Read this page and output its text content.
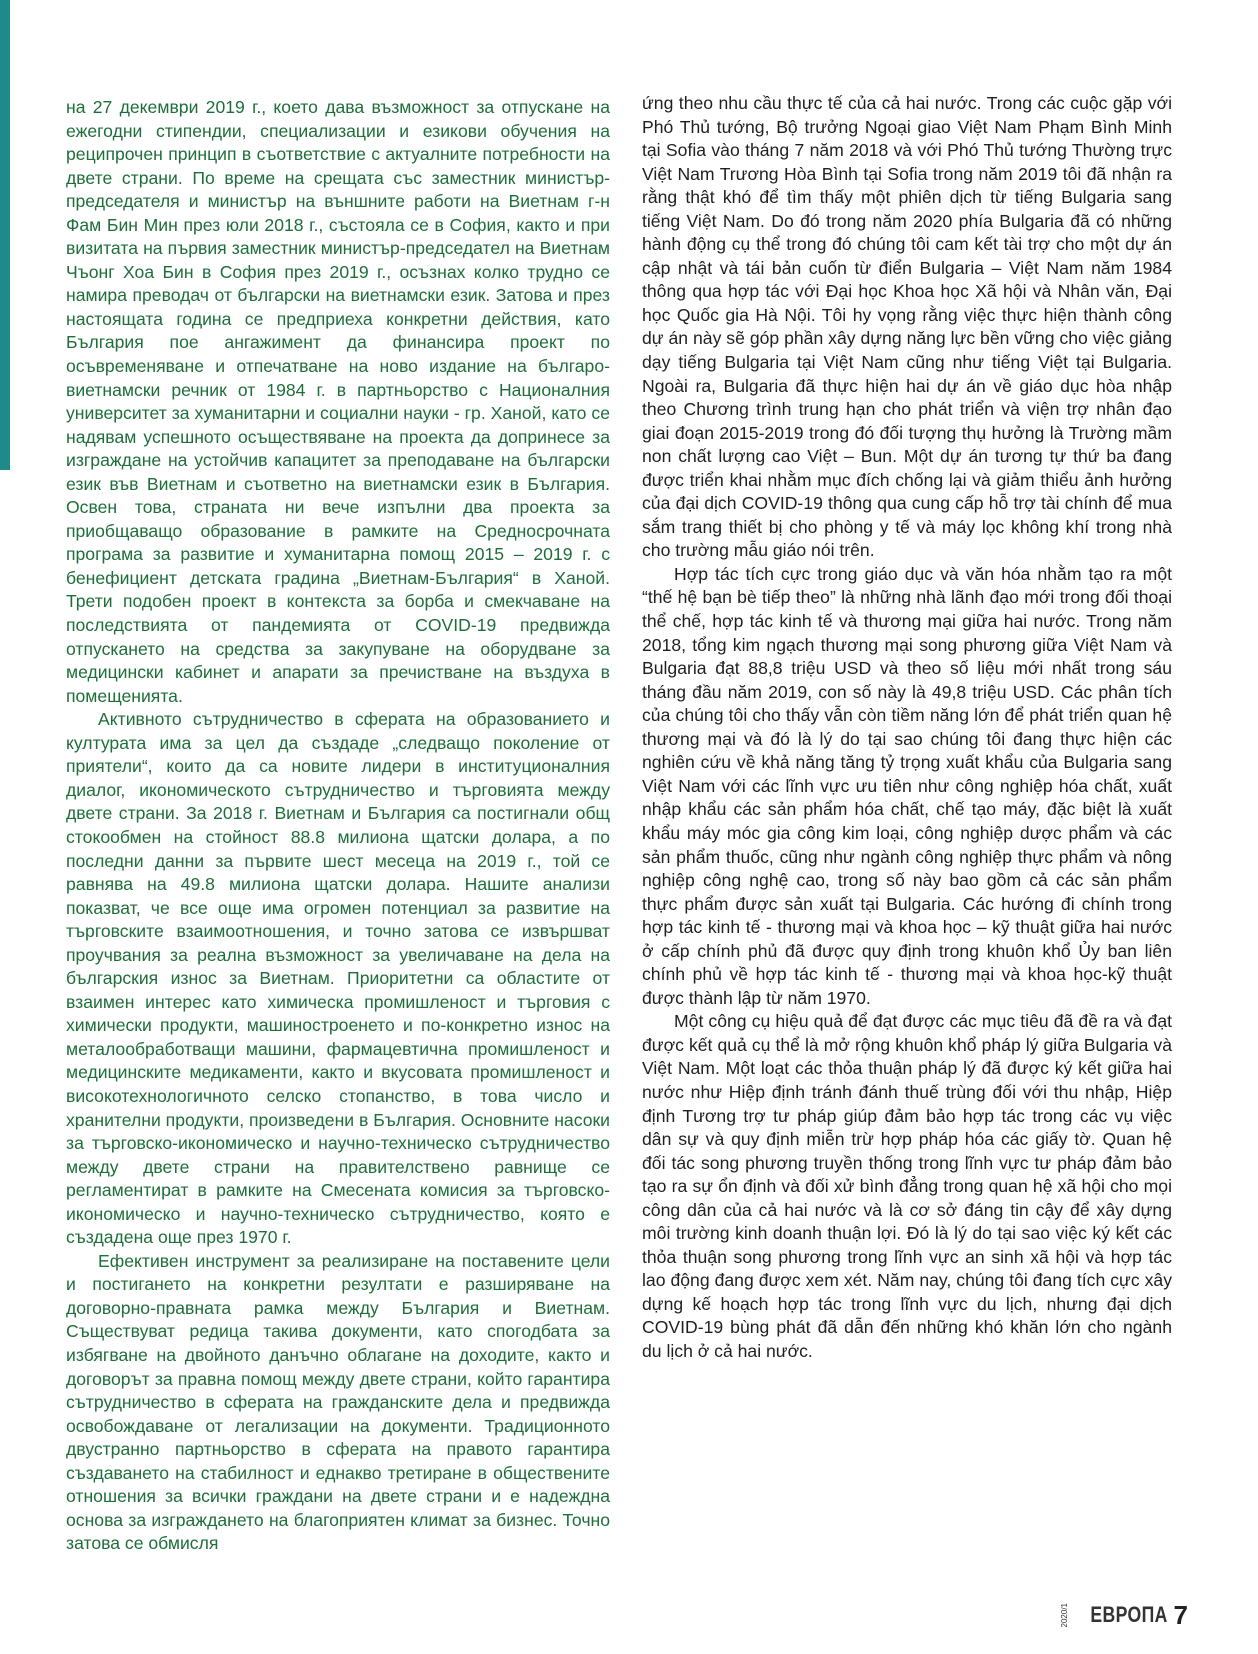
на 27 декември 2019 г., което дава възможност за отпускане на ежегодни стипендии, специализации и езикови обучения на реципрочен принцип в съответствие с актуалните потребности на двете страни. По време на срещата със заместник министър-председателя и министър на външните работи на Виетнам г-н Фам Бин Мин през юли 2018 г., състояла се в София, както и при визитата на първия заместник министър-председател на Виетнам Чъонг Хоа Бин в София през 2019 г., осъзнах колко трудно се намира преводач от български на виетнамски език. Затова и през настоящата година се предприеха конкретни действия, като България пое ангажимент да финансира проект по осъвременяване и отпечатване на ново издание на българо-виетнамски речник от 1984 г. в партньорство с Националния университет за хуманитарни и социални науки - гр. Ханой, като се надявам успешното осъществяване на проекта да допринесе за изграждане на устойчив капацитет за преподаване на български език във Виетнам и съответно на виетнамски език в България. Освен това, страната ни вече изпълни два проекта за приобщаващо образование в рамките на Средносрочната програма за развитие и хуманитарна помощ 2015 – 2019 г. с бенефициент детската градина „Виетнам-България“ в Ханой. Трети подобен проект в контекста за борба и смекчаване на последствията от пандемията от COVID-19 предвижда отпускането на средства за закупуване на оборудване за медицински кабинет и апарати за пречистване на въздуха в помещенията.

Активното сътрудничество в сферата на образованието и културата има за цел да създаде „следващо поколение от приятели“, които да са новите лидери в институционалния диалог, икономическото сътрудничество и търговията между двете страни. За 2018 г. Виетнам и България са постигнали общ стокообмен на стойност 88.8 милиона щатски долара, а по последни данни за първите шест месеца на 2019 г., той се равнява на 49.8 милиона щатски долара. Нашите анализи показват, че все още има огромен потенциал за развитие на търговските взаимоотношения, и точно затова се извършват проучвания за реална възможност за увеличаване на дела на българския износ за Виетнам. Приоритетни са областите от взаимен интерес като химическа промишленост и търговия с химически продукти, машиностроенето и по-конкретно износ на металообработващи машини, фармацевтична промишленост и медицинските медикаменти, както и вкусовата промишленост и високотехнологичното селско стопанство, в това число и хранителни продукти, произведени в България. Основните насоки за търговско-икономическо и научно-техническо сътрудничество между двете страни на правителствено равнище се регламентират в рамките на Смесената комисия за търговско-икономическо и научно-техническо сътрудничество, която е създадена още през 1970 г.

Ефективен инструмент за реализиране на поставените цели и постигането на конкретни резултати е разширяване на договорно-правната рамка между България и Виетнам. Съществуват редица такива документи, като спогодбата за избягване на двойното данъчно облагане на доходите, както и договорът за правна помощ между двете страни, който гарантира сътрудничество в сферата на гражданските дела и предвижда освобождаване от легализации на документи. Традиционното двустранно партньорство в сферата на правото гарантира създаването на стабилност и еднакво третиране в обществените отношения за всички граждани на двете страни и е надеждна основа за изграждането на благоприятен климат за бизнес. Точно затова се обмисля

ứng theo nhu cầu thực tế của cả hai nước. Trong các cuộc gặp với Phó Thủ tướng, Bộ trưởng Ngoại giao Việt Nam Phạm Bình Minh tại Sofia vào tháng 7 năm 2018 và với Phó Thủ tướng Thường trực Việt Nam Trương Hòa Bình tại Sofia trong năm 2019 tôi đã nhận ra rằng thật khó để tìm thấy một phiên dịch từ tiếng Bulgaria sang tiếng Việt Nam. Do đó trong năm 2020 phía Bulgaria đã có những hành động cụ thể trong đó chúng tôi cam kết tài trợ cho một dự án cập nhật và tái bản cuốn từ điển Bulgaria – Việt Nam năm 1984 thông qua hợp tác với Đại học Khoa học Xã hội và Nhân văn, Đại học Quốc gia Hà Nội. Tôi hy vọng rằng việc thực hiện thành công dự án này sẽ góp phần xây dựng năng lực bền vững cho việc giảng dạy tiếng Bulgaria tại Việt Nam cũng như tiếng Việt tại Bulgaria. Ngoài ra, Bulgaria đã thực hiện hai dự án về giáo dục hòa nhập theo Chương trình trung hạn cho phát triển và viện trợ nhân đạo giai đoạn 2015-2019 trong đó đối tượng thụ hưởng là Trường mầm non chất lượng cao Việt – Bun. Một dự án tương tự thứ ba đang được triển khai nhằm mục đích chống lại và giảm thiểu ảnh hưởng của đại dịch COVID-19 thông qua cung cấp hỗ trợ tài chính để mua sắm trang thiết bị cho phòng y tế và máy lọc không khí trong nhà cho trường mẫu giáo nói trên.

Hợp tác tích cực trong giáo dục và văn hóa nhằm tạo ra một “thế hệ bạn bè tiếp theo” là những nhà lãnh đạo mới trong đối thoại thể chế, hợp tác kinh tế và thương mại giữa hai nước. Trong năm 2018, tổng kim ngạch thương mại song phương giữa Việt Nam và Bulgaria đạt 88,8 triệu USD và theo số liệu mới nhất trong sáu tháng đầu năm 2019, con số này là 49,8 triệu USD. Các phân tích của chúng tôi cho thấy vẫn còn tiềm năng lớn để phát triển quan hệ thương mại và đó là lý do tại sao chúng tôi đang thực hiện các nghiên cứu về khả năng tăng tỷ trọng xuất khẩu của Bulgaria sang Việt Nam với các lĩnh vực ưu tiên như công nghiệp hóa chất, xuất nhập khẩu các sản phẩm hóa chất, chế tạo máy, đặc biệt là xuất khẩu máy móc gia công kim loại, công nghiệp dược phẩm và các sản phẩm thuốc, cũng như ngành công nghiệp thực phẩm và nông nghiệp công nghệ cao, trong số này bao gồm cả các sản phẩm thực phẩm được sản xuất tại Bulgaria. Các hướng đi chính trong hợp tác kinh tế - thương mại và khoa học – kỹ thuật giữa hai nước ở cấp chính phủ đã được quy định trong khuôn khổ Ủy ban liên chính phủ về hợp tác kinh tế - thương mại và khoa học-kỹ thuật được thành lập từ năm 1970.

Một công cụ hiệu quả để đạt được các mục tiêu đã đề ra và đạt được kết quả cụ thể là mở rộng khuôn khổ pháp lý giữa Bulgaria và Việt Nam. Một loạt các thỏa thuận pháp lý đã được ký kết giữa hai nước như Hiệp định tránh đánh thuế trùng đối với thu nhập, Hiệp định Tương trợ tư pháp giúp đảm bảo hợp tác trong các vụ việc dân sự và quy định miễn trừ hợp pháp hóa các giấy tờ. Quan hệ đối tác song phương truyền thống trong lĩnh vực tư pháp đảm bảo tạo ra sự ổn định và đối xử bình đẳng trong quan hệ xã hội cho mọi công dân của cả hai nước và là cơ sở đáng tin cậy để xây dựng môi trường kinh doanh thuận lợi. Đó là lý do tại sao việc ký kết các thỏa thuận song phương trong lĩnh vực an sinh xã hội và hợp tác lao động đang được xem xét. Năm nay, chúng tôi đang tích cực xây dựng kế hoạch hợp tác trong lĩnh vực du lịch, nhưng đại dịch COVID-19 bùng phát đã dẫn đến những khó khăn lớn cho ngành du lịch ở cả hai nước.

2020/1 ЕВРОПА 7
